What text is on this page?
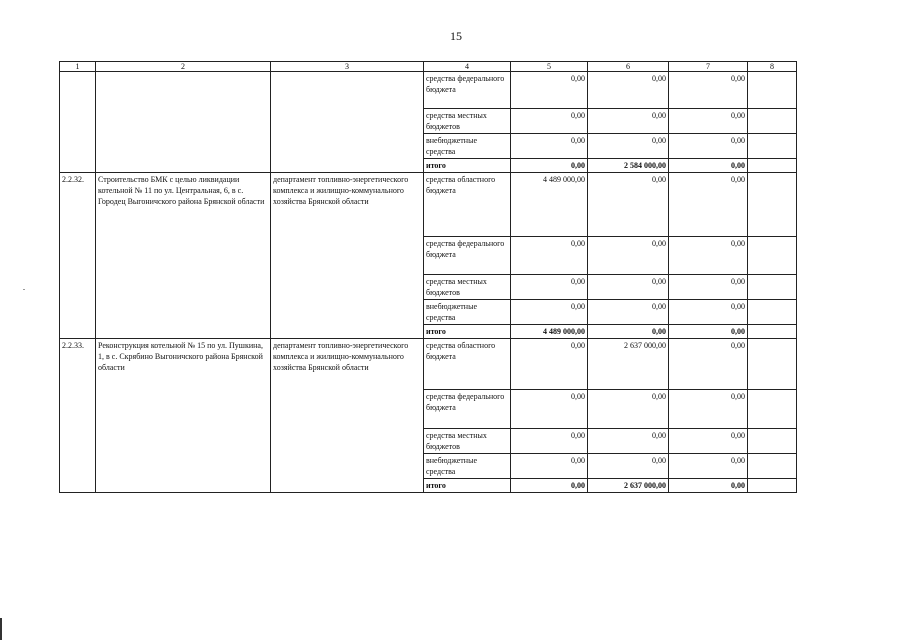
15
1	2	3	4	5	6	7	8
			средства федерального бюджета	0,00	0,00	0,00	
			средства местных бюджетов	0,00	0,00	0,00	
			внебюджетные средства	0,00	0,00	0,00	
			итого	0,00	2 584 000,00	0,00	
2.2.32.	Строительство БМК с целью ликвидации котельной № 11 по ул. Центральная, 6, в с. Городец Выгоничского района Брянской области	департамент топливно-энергетического комплекса и жилищно-коммунального хозяйства Брянской области	средства областного бюджета	4 489 000,00	0,00	0,00	
			средства федерального бюджета	0,00	0,00	0,00	
			средства местных бюджетов	0,00	0,00	0,00	
			внебюджетные средства	0,00	0,00	0,00	
			итого	4 489 000,00	0,00	0,00	
2.2.33.	Реконструкция котельной № 15 по ул. Пушкина, 1, в с. Скрябино Выгоничского района Брянской области	департамент топливно-энергетического комплекса и жилищно-коммунального хозяйства Брянской области	средства областного бюджета	0,00	2 637 000,00	0,00	
			средства федерального бюджета	0,00	0,00	0,00	
			средства местных бюджетов	0,00	0,00	0,00	
			внебюджетные средства	0,00	0,00	0,00	
			итого	0,00	2 637 000,00	0,00	
